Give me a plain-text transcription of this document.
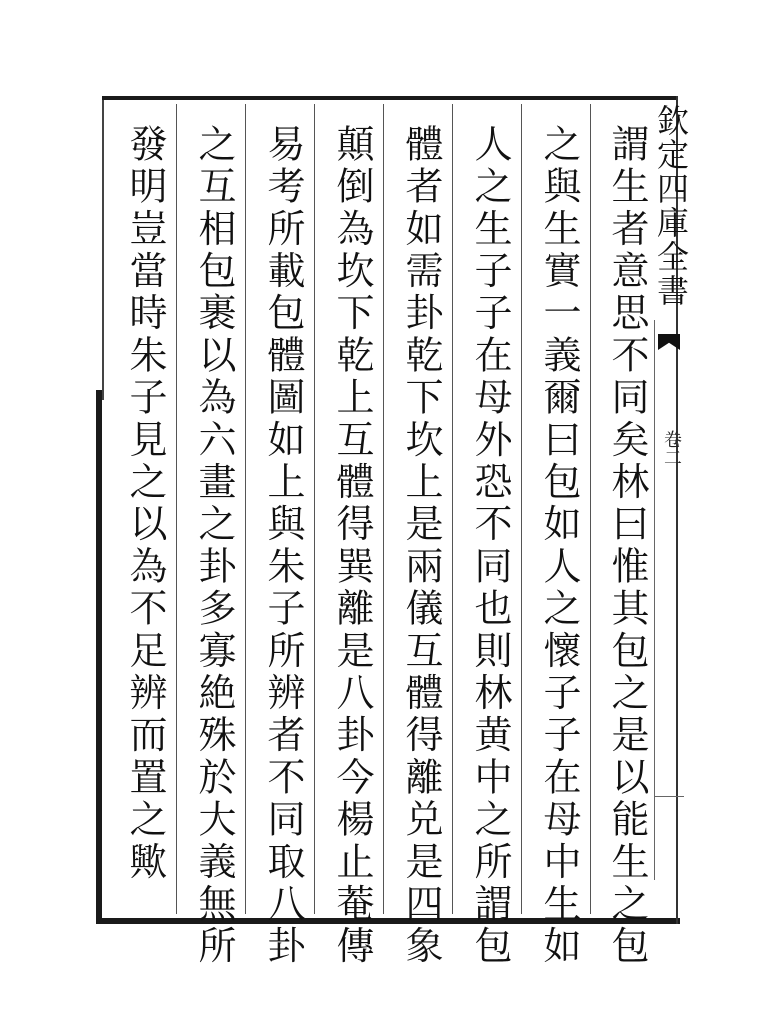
欽定四庫全書
卷二
謂生者意思不同矣林曰惟其包之是以能生之包
之與生實一義爾曰包如人之懷子子在母中生如
人之生子子在母外恐不同也則林黄中之所謂包
體者如需卦乾下坎上是兩儀互體得離兑是四象
顛倒為坎下乾上互體得巽離是八卦今楊止菴傳
易考所載包體圖如上與朱子所辨者不同取八卦
之互相包裹以為六畫之卦多寡絶殊於大義無所
發明豈當時朱子見之以為不足辨而置之歟
